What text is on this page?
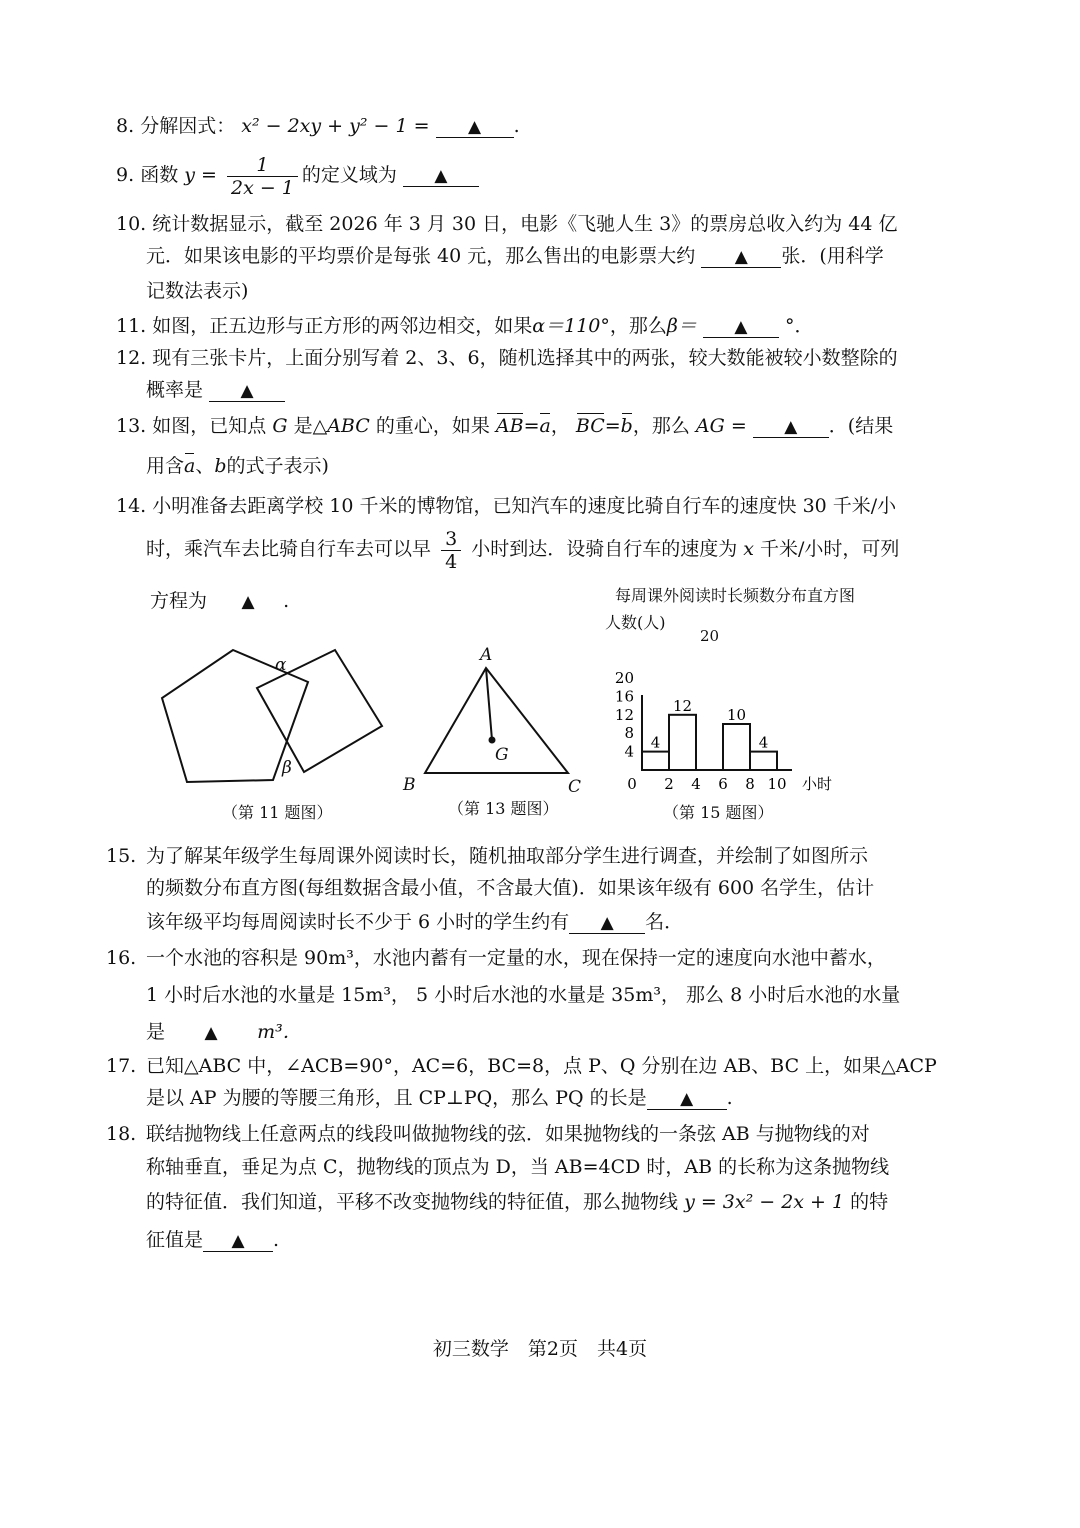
8. 分解因式： x² − 2xy + y² − 1 = ▲ .
9. 函数 $y = \frac{1}{2x - 1}$ 的定义域为 ▲
10. 统计数据显示，截至 2026 年 3 月 30 日，电影《飞驰人生 3》的票房总收入约为 44 亿
元．如果该电影的平均票价是每张 40 元，那么售出的电影票大约 ▲ 张．(用科学
记数法表示)
11. 如图，正五边形与正方形的两邻边相交，如果α＝110°，那么β＝ ▲ °．
12. 现有三张卡片，上面分别写着 2、3、6，随机选择其中的两张，较大数能被较小数整除的
概率是 ▲
13. 如图，已知点 G 是△ABC 的重心，如果 AB=a， BC=b，那么 AG = ▲ ．(结果
用含a、b的式子表示)
14. 小明准备去距离学校 10 千米的博物馆，已知汽车的速度比骑自行车的速度快 30 千米/小
时，乘汽车去比骑自行车去可以早 $\frac{3}{4}$ 小时到达．设骑自行车的速度为 x 千米/小时，可列
方程为 ▲ .
α
β
（第 11 题图）
A
G
B	C
（第 13 题图）
每周课外阅读时长频数分布直方图
人数(人)
20
20
16
12
8
4
0 2 4 6 8 10 小时
4
12
10
4
（第 15 题图）
15. 为了解某年级学生每周课外阅读时长，随机抽取部分学生进行调查，并绘制了如图所示
的频数分布直方图(每组数据含最小值，不含最大值)．如果该年级有 600 名学生，估计
该年级平均每周阅读时长不少于 6 小时的学生约有 ▲ 名．
16. 一个水池的容积是 90m³，水池内蓄有一定量的水，现在保持一定的速度向水池中蓄水，
1 小时后水池的水量是 15m³， 5 小时后水池的水量是 35m³， 那么 8 小时后水池的水量
是 ▲ m³．
17. 已知△ABC 中，∠ACB=90°，AC=6，BC=8，点 P、Q 分别在边 AB、BC 上，如果△ACP
是以 AP 为腰的等腰三角形，且 CP⊥PQ，那么 PQ 的长是 ▲ .
18. 联结抛物线上任意两点的线段叫做抛物线的弦．如果抛物线的一条弦 AB 与抛物线的对
称轴垂直，垂足为点 C，抛物线的顶点为 D，当 AB=4CD 时，AB 的长称为这条抛物线
的特征值．我们知道，平移不改变抛物线的特征值，那么抛物线 y = 3x² − 2x + 1 的特
征值是 ▲ .
初三数学　第2页　共4页
